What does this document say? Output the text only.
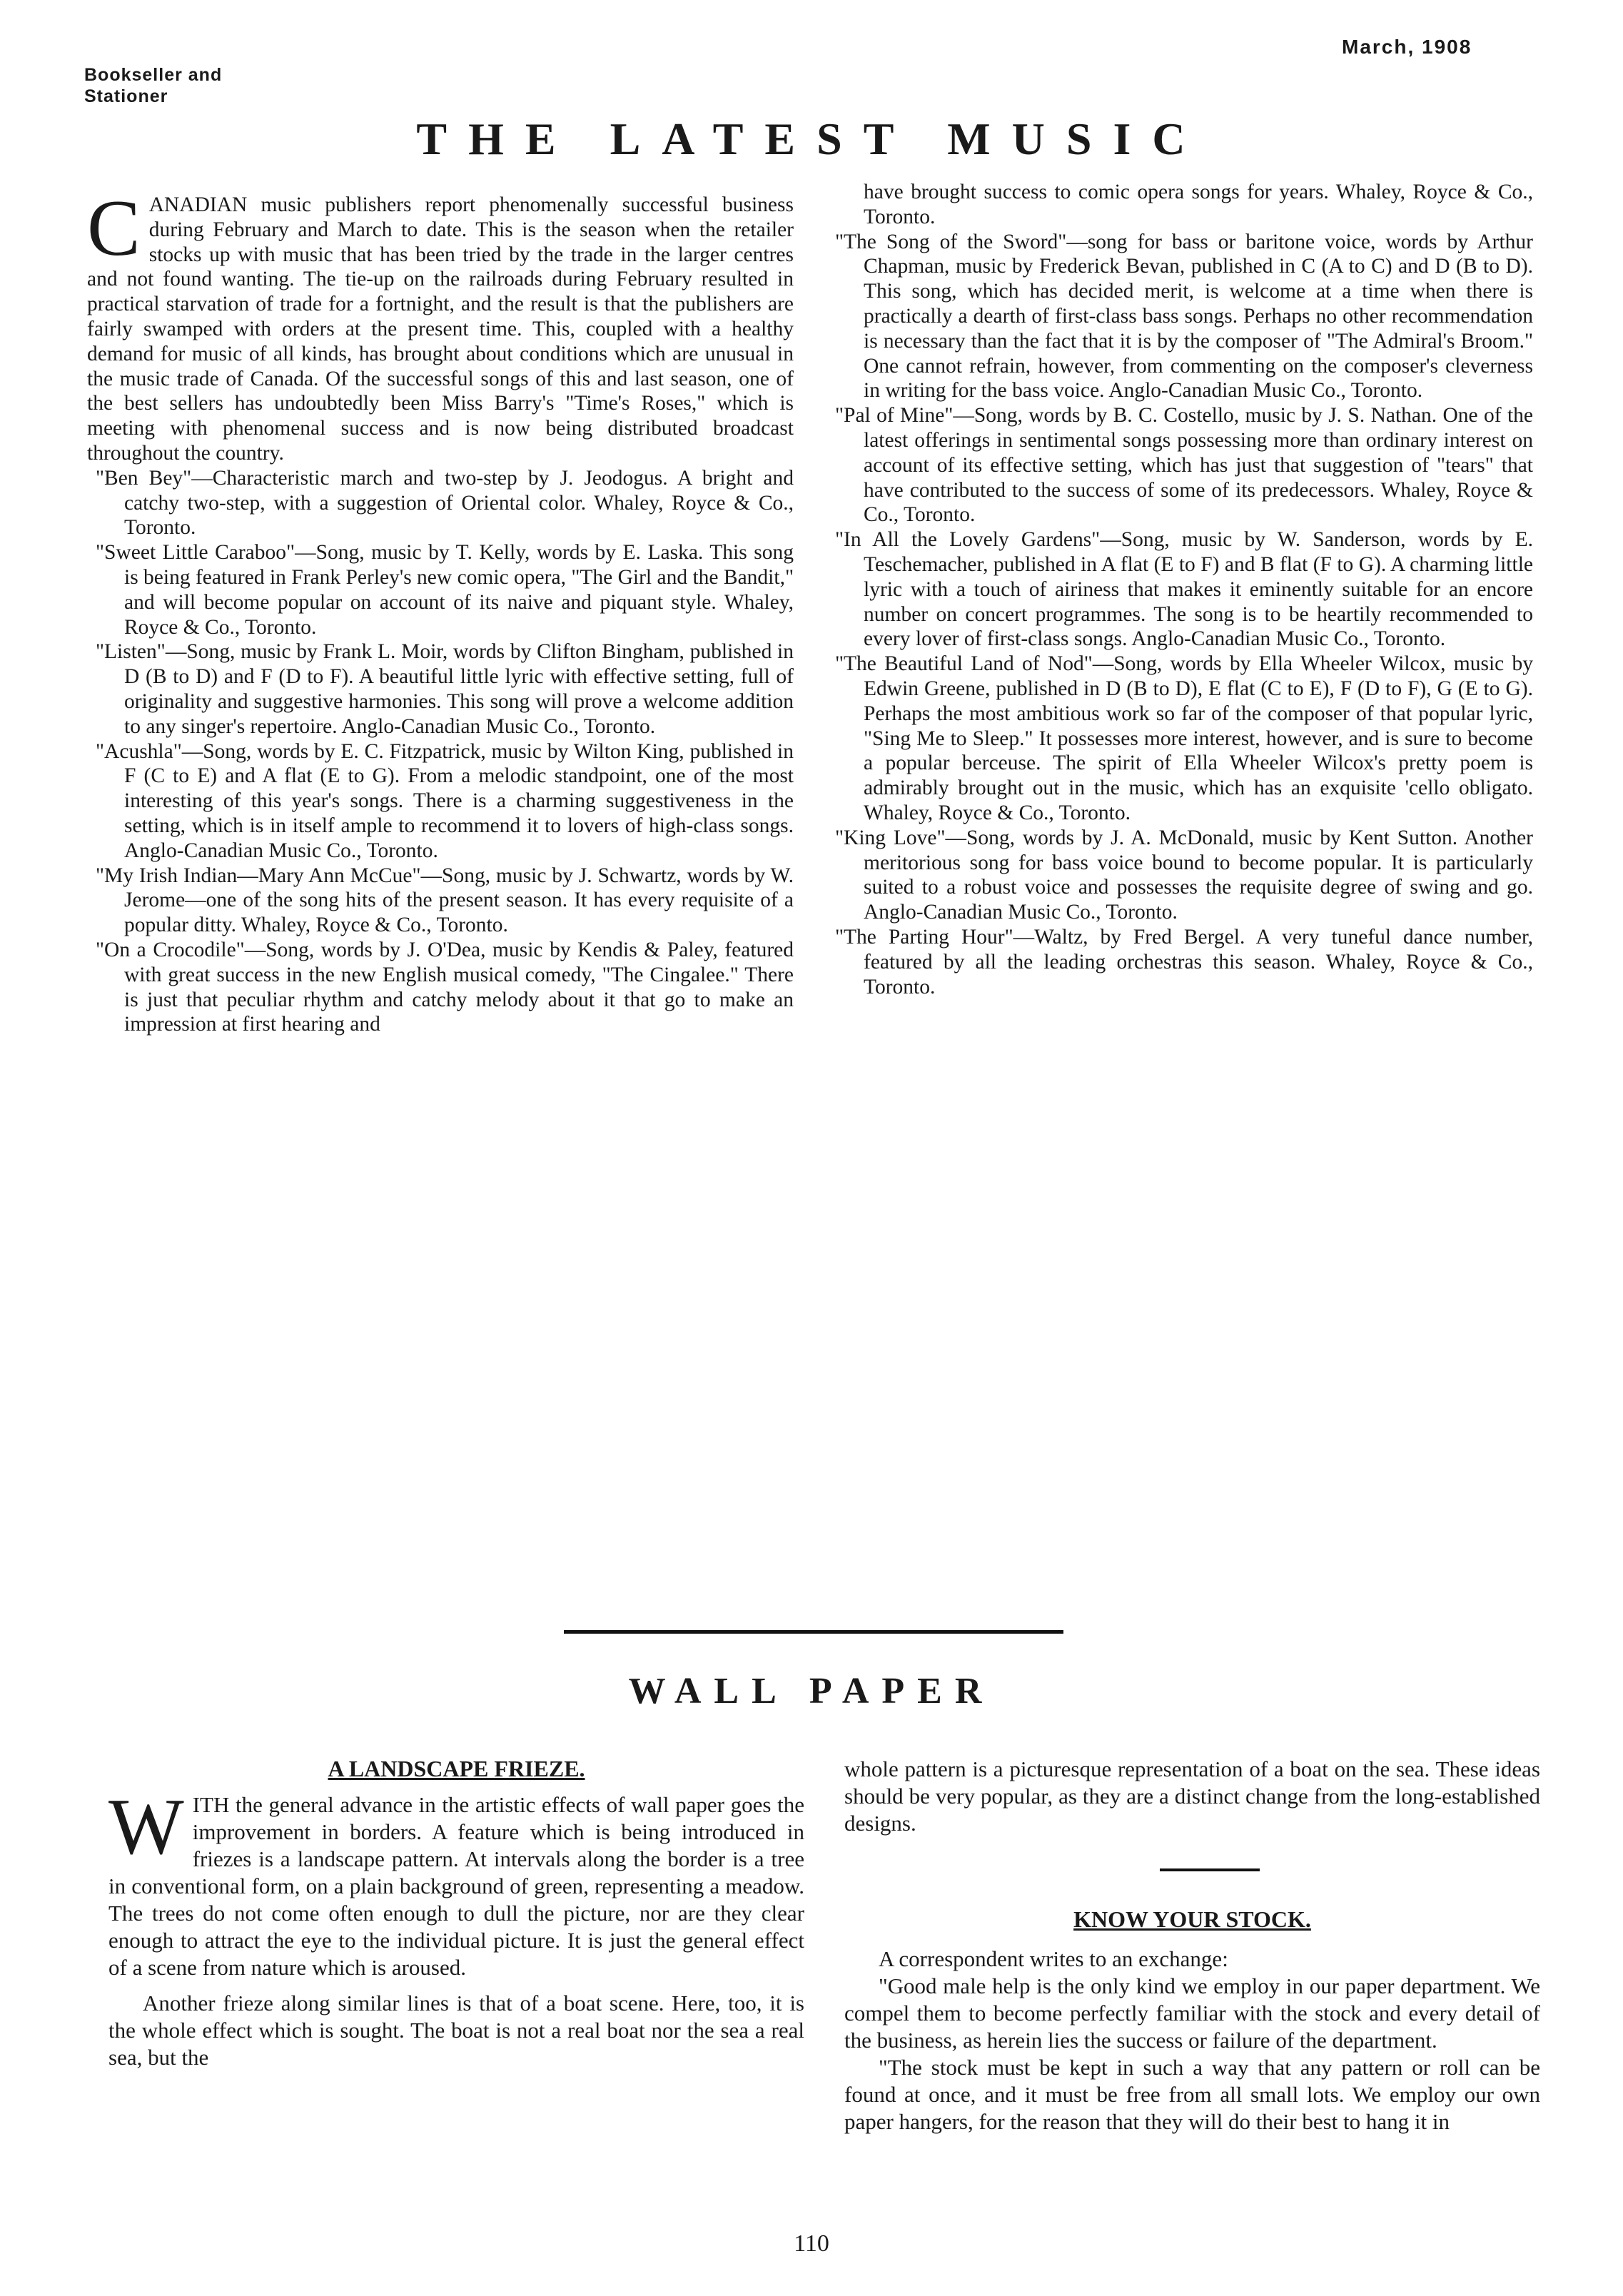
Bookseller and
Stationer
March, 1908
THE LATEST MUSIC

CANADIAN music publishers report phenomenally successful business during February and March to date. This is the season when the retailer stocks up with music that has been tried by the trade in the larger centres and not found wanting. The tie-up on the railroads during February resulted in practical starvation of trade for a fortnight, and the result is that the publishers are fairly swamped with orders at the present time. This, coupled with a healthy demand for music of all kinds, has brought about conditions which are unusual in the music trade of Canada. Of the successful songs of this and last season, one of the best sellers has undoubtedly been Miss Barry's "Time's Roses," which is meeting with phenomenal success and is now being distributed broadcast throughout the country.

"Ben Bey"—Characteristic march and two-step by J. Jeodogus. A bright and catchy two-step, with a suggestion of Oriental color. Whaley, Royce & Co., Toronto.

"Sweet Little Caraboo"—Song, music by T. Kelly, words by E. Laska. This song is being featured in Frank Perley's new comic opera, "The Girl and the Bandit," and will become popular on account of its naive and piquant style. Whaley, Royce & Co., Toronto.

"Listen"—Song, music by Frank L. Moir, words by Clifton Bingham, published in D (B to D) and F (D to F). A beautiful little lyric with effective setting, full of originality and suggestive harmonies. This song will prove a welcome addition to any singer's repertoire. Anglo-Canadian Music Co., Toronto.

"Acushla"—Song, words by E. C. Fitzpatrick, music by Wilton King, published in F (C to E) and A flat (E to G). From a melodic standpoint, one of the most interesting of this year's songs. There is a charming suggestiveness in the setting, which is in itself ample to recommend it to lovers of high-class songs. Anglo-Canadian Music Co., Toronto.

"My Irish Indian—Mary Ann McCue"—Song, music by J. Schwartz, words by W. Jerome—one of the song hits of the present season. It has every requisite of a popular ditty. Whaley, Royce & Co., Toronto.

"On a Crocodile"—Song, words by J. O'Dea, music by Kendis & Paley, featured with great success in the new English musical comedy, "The Cingalee." There is just that peculiar rhythm and catchy melody about it that go to make an impression at first hearing and

have brought success to comic opera songs for years. Whaley, Royce & Co., Toronto.

"The Song of the Sword"—song for bass or baritone voice, words by Arthur Chapman, music by Frederick Bevan, published in C (A to C) and D (B to D). This song, which has decided merit, is welcome at a time when there is practically a dearth of first-class bass songs. Perhaps no other recommendation is necessary than the fact that it is by the composer of "The Admiral's Broom." One cannot refrain, however, from commenting on the composer's cleverness in writing for the bass voice. Anglo-Canadian Music Co., Toronto.

"Pal of Mine"—Song, words by B. C. Costello, music by J. S. Nathan. One of the latest offerings in sentimental songs possessing more than ordinary interest on account of its effective setting, which has just that suggestion of "tears" that have contributed to the success of some of its predecessors. Whaley, Royce & Co., Toronto.

"In All the Lovely Gardens"—Song, music by W. Sanderson, words by E. Teschemacher, published in A flat (E to F) and B flat (F to G). A charming little lyric with a touch of airiness that makes it eminently suitable for an encore number on concert programmes. The song is to be heartily recommended to every lover of first-class songs. Anglo-Canadian Music Co., Toronto.

"The Beautiful Land of Nod"—Song, words by Ella Wheeler Wilcox, music by Edwin Greene, published in D (B to D), E flat (C to E), F (D to F), G (E to G). Perhaps the most ambitious work so far of the composer of that popular lyric, "Sing Me to Sleep." It possesses more interest, however, and is sure to become a popular berceuse. The spirit of Ella Wheeler Wilcox's pretty poem is admirably brought out in the music, which has an exquisite 'cello obligato. Whaley, Royce & Co., Toronto.

"King Love"—Song, words by J. A. McDonald, music by Kent Sutton. Another meritorious song for bass voice bound to become popular. It is particularly suited to a robust voice and possesses the requisite degree of swing and go. Anglo-Canadian Music Co., Toronto.

"The Parting Hour"—Waltz, by Fred Bergel. A very tuneful dance number, featured by all the leading orchestras this season. Whaley, Royce & Co., Toronto.

WALL PAPER

A LANDSCAPE FRIEZE.

WITH the general advance in the artistic effects of wall paper goes the improvement in borders. A feature which is being introduced in friezes is a landscape pattern. At intervals along the border is a tree in conventional form, on a plain background of green, representing a meadow. The trees do not come often enough to dull the picture, nor are they clear enough to attract the eye to the individual picture. It is just the general effect of a scene from nature which is aroused.

Another frieze along similar lines is that of a boat scene. Here, too, it is the whole effect which is sought. The boat is not a real boat nor the sea a real sea, but the

whole pattern is a picturesque representation of a boat on the sea. These ideas should be very popular, as they are a distinct change from the long-established designs.

KNOW YOUR STOCK.

A correspondent writes to an exchange:

"Good male help is the only kind we employ in our paper department. We compel them to become perfectly familiar with the stock and every detail of the business, as herein lies the success or failure of the department.

"The stock must be kept in such a way that any pattern or roll can be found at once, and it must be free from all small lots. We employ our own paper hangers, for the reason that they will do their best to hang it in

110
